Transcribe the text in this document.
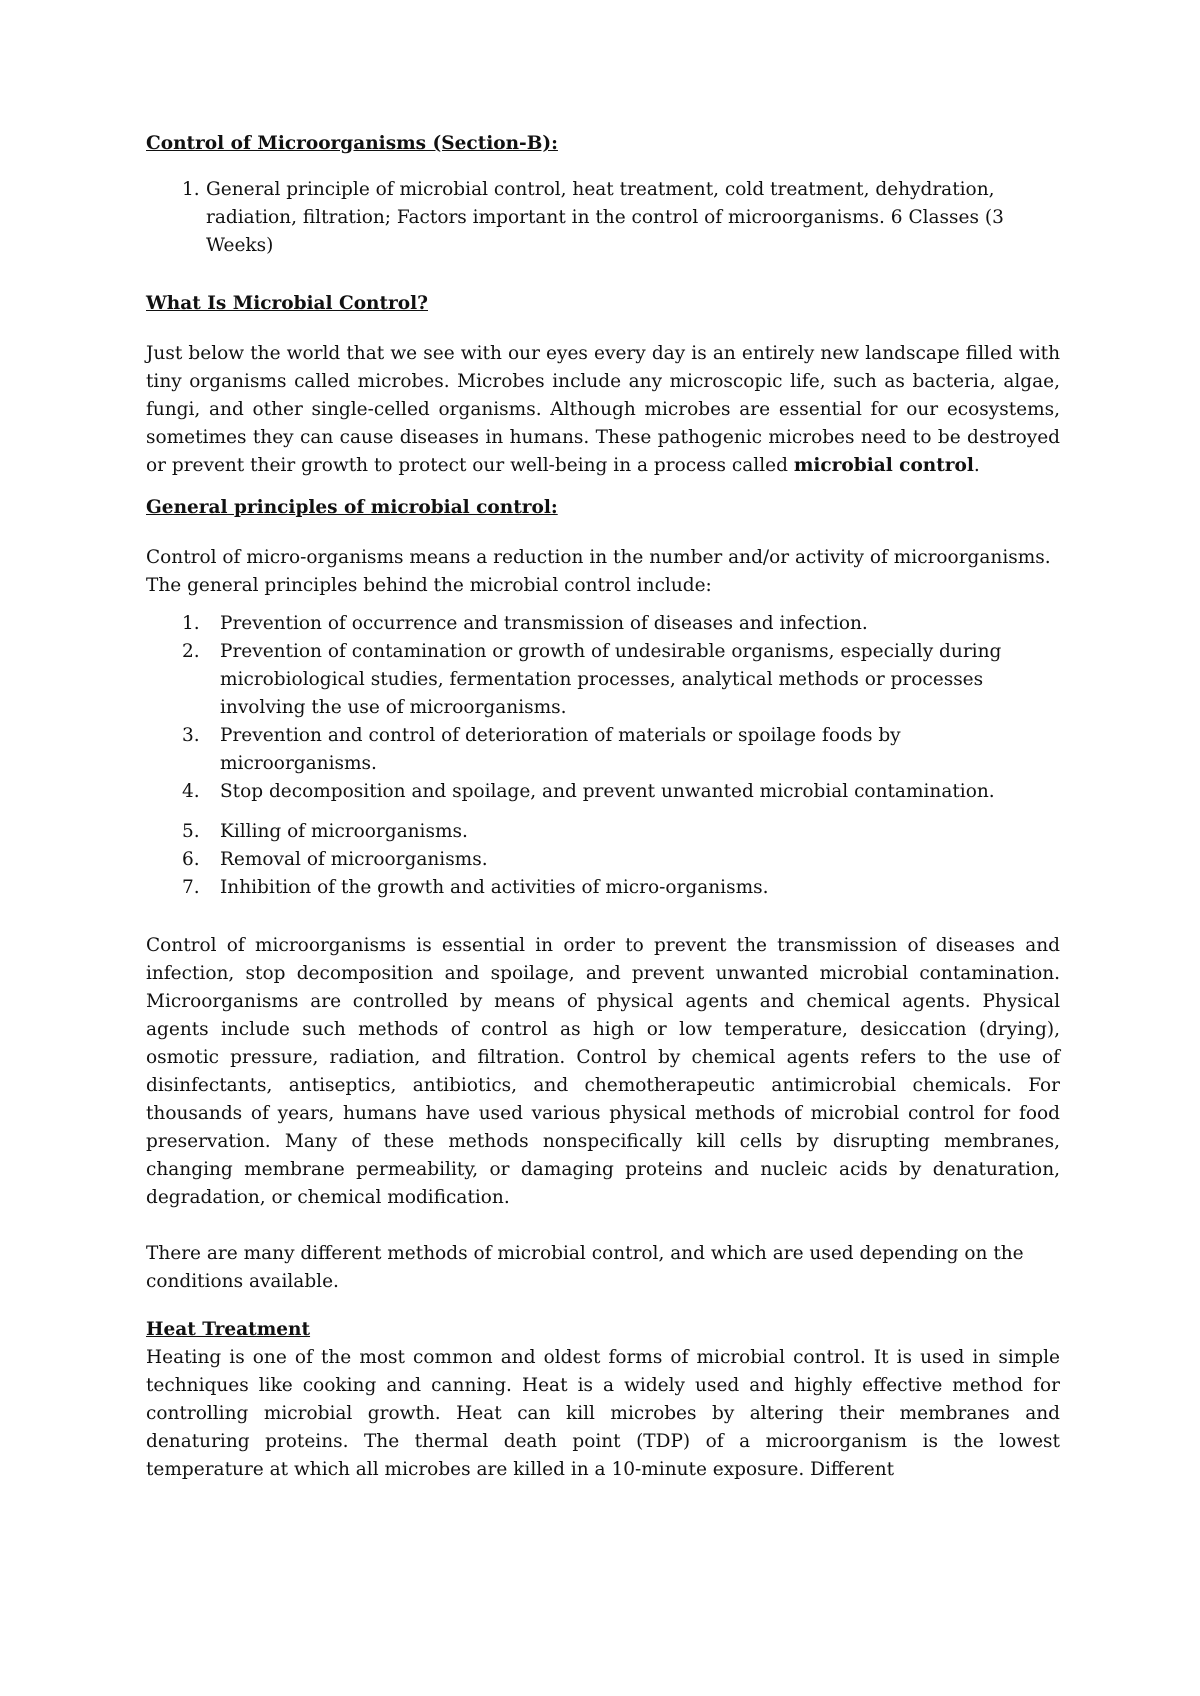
Control of Microorganisms (Section-B):

1. General principle of microbial control, heat treatment, cold treatment, dehydration, radiation, filtration; Factors important in the control of microorganisms. 6 Classes (3 Weeks)

What Is Microbial Control?

Just below the world that we see with our eyes every day is an entirely new landscape filled with tiny organisms called microbes. Microbes include any microscopic life, such as bacteria, algae, fungi, and other single-celled organisms. Although microbes are essential for our ecosystems, sometimes they can cause diseases in humans. These pathogenic microbes need to be destroyed or prevent their growth to protect our well-being in a process called microbial control.

General principles of microbial control:

Control of micro-organisms means a reduction in the number and/or activity of microorganisms. The general principles behind the microbial control include:

1.	Prevention of occurrence and transmission of diseases and infection.
2.	Prevention of contamination or growth of undesirable organisms, especially during microbiological studies, fermentation processes, analytical methods or processes involving the use of microorganisms.
3.	Prevention and control of deterioration of materials or spoilage foods by microorganisms.
4.	Stop decomposition and spoilage, and prevent unwanted microbial contamination.
5.	Killing of microorganisms.
6.	Removal of microorganisms.
7.	Inhibition of the growth and activities of micro-organisms.

Control of microorganisms is essential in order to prevent the transmission of diseases and infection, stop decomposition and spoilage, and prevent unwanted microbial contamination. Microorganisms are controlled by means of physical agents and chemical agents. Physical agents include such methods of control as high or low temperature, desiccation (drying), osmotic pressure, radiation, and filtration. Control by chemical agents refers to the use of disinfectants, antiseptics, antibiotics, and chemotherapeutic antimicrobial chemicals. For thousands of years, humans have used various physical methods of microbial control for food preservation. Many of these methods nonspecifically kill cells by disrupting membranes, changing membrane permeability, or damaging proteins and nucleic acids by denaturation, degradation, or chemical modification.

There are many different methods of microbial control, and which are used depending on the conditions available.

Heat Treatment

Heating is one of the most common and oldest forms of microbial control. It is used in simple techniques like cooking and canning. Heat is a widely used and highly effective method for controlling microbial growth. Heat can kill microbes by altering their membranes and denaturing proteins. The thermal death point (TDP) of a microorganism is the lowest temperature at which all microbes are killed in a 10-minute exposure. Different
